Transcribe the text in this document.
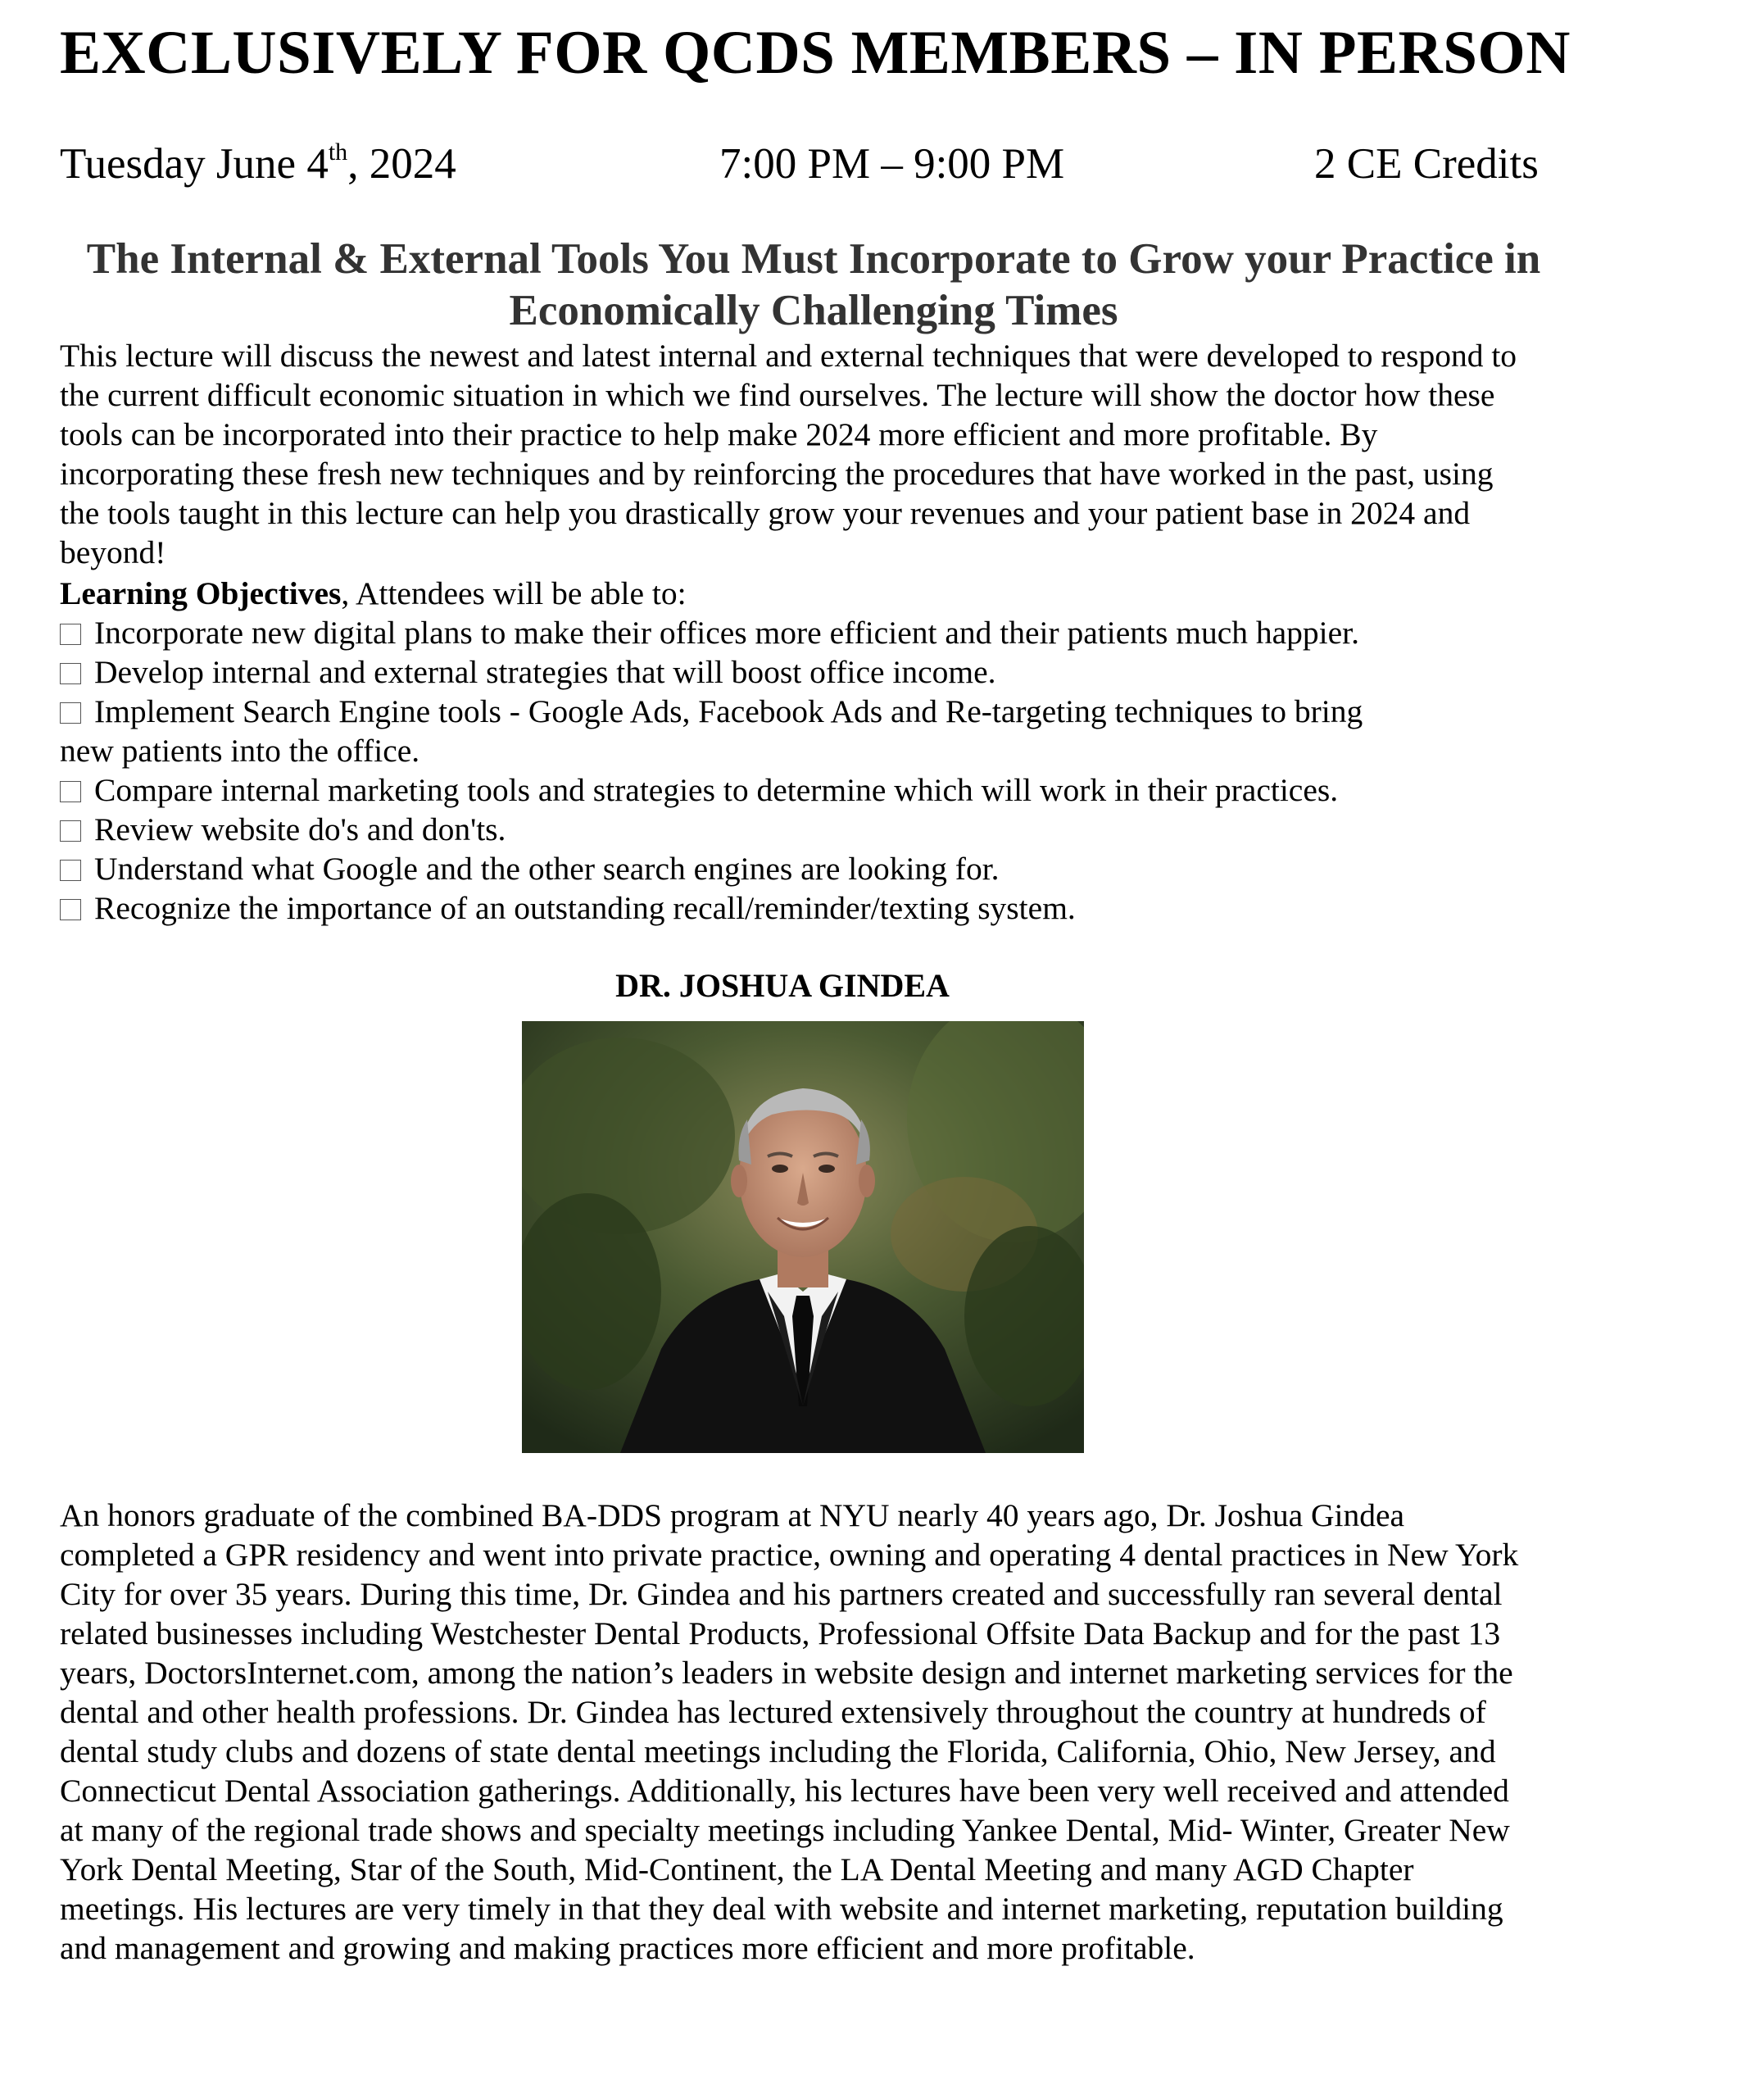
EXCLUSIVELY FOR QCDS MEMBERS – IN PERSON
Tuesday June 4th, 2024	7:00 PM – 9:00 PM	2 CE Credits
The Internal & External Tools You Must Incorporate to Grow your Practice in
Economically Challenging Times
This lecture will discuss the newest and latest internal and external techniques that were developed to respond to
the current difficult economic situation in which we find ourselves. The lecture will show the doctor how these
tools can be incorporated into their practice to help make 2024 more efficient and more profitable. By
incorporating these fresh new techniques and by reinforcing the procedures that have worked in the past, using
the tools taught in this lecture can help you drastically grow your revenues and your patient base in 2024 and
beyond!
Learning Objectives, Attendees will be able to:
Incorporate new digital plans to make their offices more efficient and their patients much happier.
Develop internal and external strategies that will boost office income.
Implement Search Engine tools - Google Ads, Facebook Ads and Re-targeting techniques to bring
new patients into the office.
Compare internal marketing tools and strategies to determine which will work in their practices.
Review website do's and don'ts.
Understand what Google and the other search engines are looking for.
Recognize the importance of an outstanding recall/reminder/texting system.
DR. JOSHUA GINDEA
An honors graduate of the combined BA-DDS program at NYU nearly 40 years ago, Dr. Joshua Gindea
completed a GPR residency and went into private practice, owning and operating 4 dental practices in New York
City for over 35 years. During this time, Dr. Gindea and his partners created and successfully ran several dental
related businesses including Westchester Dental Products, Professional Offsite Data Backup and for the past 13
years, DoctorsInternet.com, among the nation’s leaders in website design and internet marketing services for the
dental and other health professions. Dr. Gindea has lectured extensively throughout the country at hundreds of
dental study clubs and dozens of state dental meetings including the Florida, California, Ohio, New Jersey, and
Connecticut Dental Association gatherings. Additionally, his lectures have been very well received and attended
at many of the regional trade shows and specialty meetings including Yankee Dental, Mid- Winter, Greater New
York Dental Meeting, Star of the South, Mid-Continent, the LA Dental Meeting and many AGD Chapter
meetings. His lectures are very timely in that they deal with website and internet marketing, reputation building
and management and growing and making practices more efficient and more profitable.
